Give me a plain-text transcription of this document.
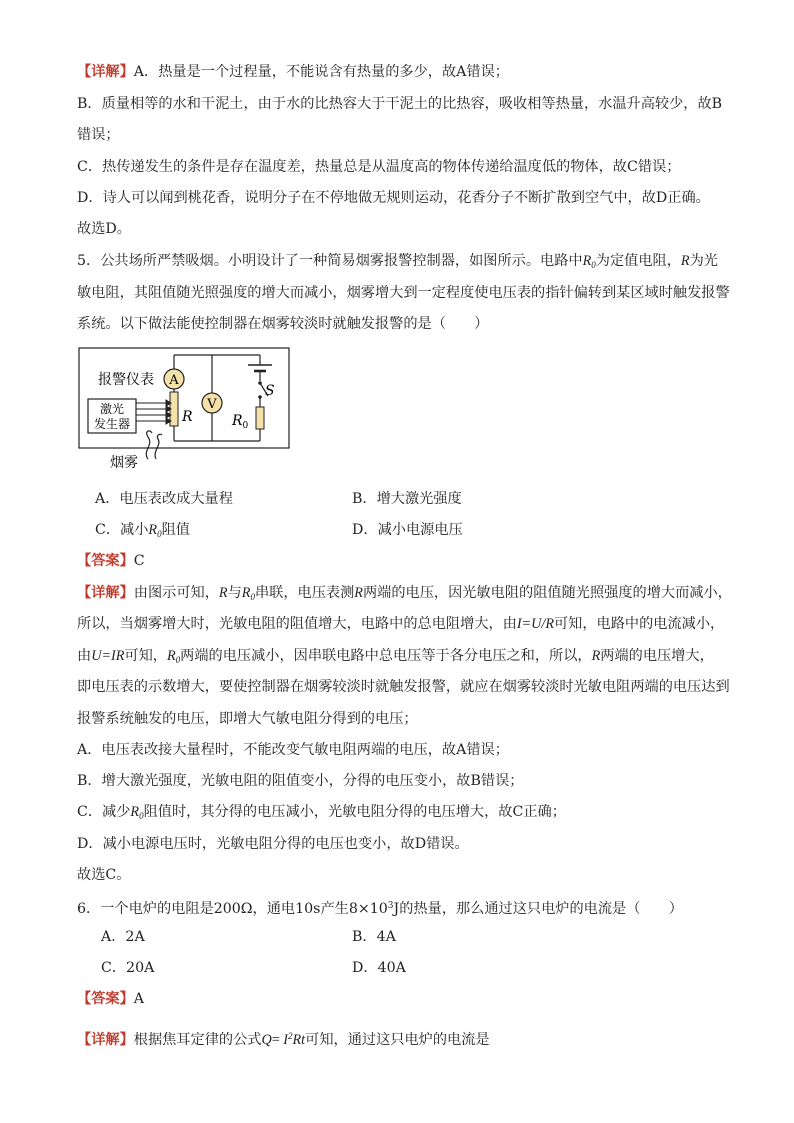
【详解】A．热量是一个过程量，不能说含有热量的多少，故A错误；
B．质量相等的水和干泥土，由于水的比热容大于干泥土的比热容，吸收相等热量，水温升高较少，故B
错误；
C．热传递发生的条件是存在温度差，热量总是从温度高的物体传递给温度低的物体，故C错误；
D．诗人可以闻到桃花香，说明分子在不停地做无规则运动，花香分子不断扩散到空气中，故D正确。
故选D。
5．公共场所严禁吸烟。小明设计了一种简易烟雾报警控制器，如图所示。电路中$R_0$为定值电阻，R为光
敏电阻，其阻值随光照强度的增大而减小，烟雾增大到一定程度使电压表的指针偏转到某区域时触发报警
系统。以下做法能使控制器在烟雾较淡时就触发报警的是（　　）
S
$R_0$
A
报警仪表
V
R
激光
发生器
烟雾
A．电压表改成大量程	B．增大激光强度
C．减小$R_0$阻值	D．减小电源电压
【答案】C
【详解】由图示可知，R与$R_0$串联，电压表测R两端的电压，因光敏电阻的阻值随光照强度的增大而减小，
所以，当烟雾增大时，光敏电阻的阻值增大，电路中的总电阻增大，由I=U/R可知，电路中的电流减小，
由U=IR可知，$R_0$两端的电压减小，因串联电路中总电压等于各分电压之和，所以，R两端的电压增大，
即电压表的示数增大，要使控制器在烟雾较淡时就触发报警，就应在烟雾较淡时光敏电阻两端的电压达到
报警系统触发的电压，即增大气敏电阻分得到的电压；
A．电压表改接大量程时，不能改变气敏电阻两端的电压，故A错误；
B．增大激光强度，光敏电阻的阻值变小，分得的电压变小，故B错误；
C．减少$R_0$阻值时，其分得的电压减小，光敏电阻分得的电压增大，故C正确；
D．减小电源电压时，光敏电阻分得的电压也变小，故D错误。
故选C。
6．一个电炉的电阻是200Ω，通电10s产生$8\times 10^3J$的热量，那么通过这只电炉的电流是（　　）
A．2A	B．4A
C．20A	D．40A
【答案】A
【详解】根据焦耳定律的公式$Q= I^2Rt$可知，通过这只电炉的电流是
